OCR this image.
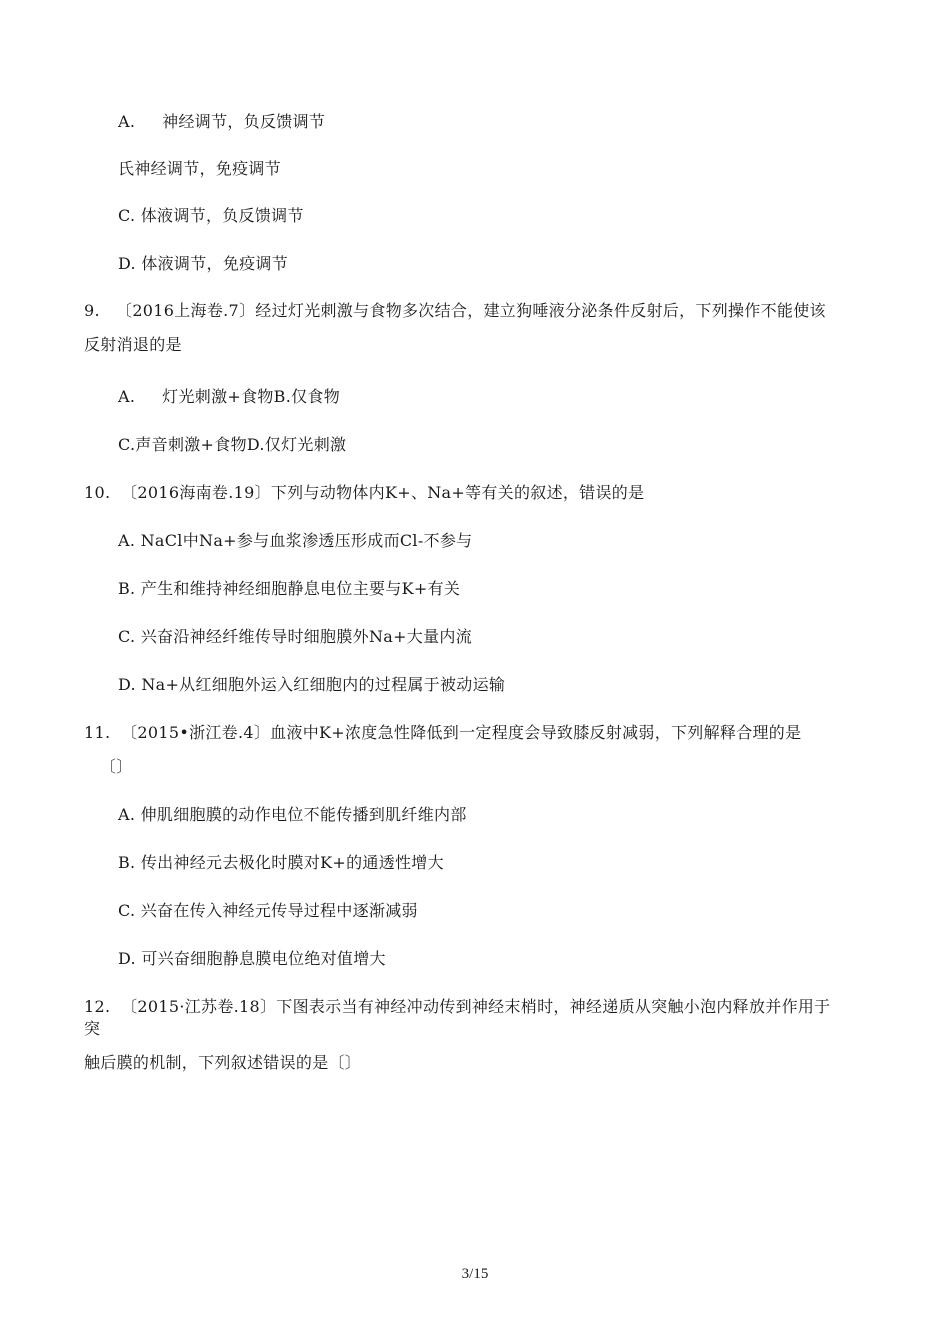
A.     神经调节，负反馈调节
氏神经调节，免疫调节
C. 体液调节，负反馈调节
D. 体液调节，免疫调节
9.   〔2016上海卷.7〕经过灯光刺激与食物多次结合，建立狗唾液分泌条件反射后，下列操作不能使该
反射消退的是
A.     灯光刺激+食物B.仅食物
C.声音刺激+食物D.仅灯光刺激
10.  〔2016海南卷.19〕下列与动物体内K+、Na+等有关的叙述，错误的是
A. NaCl中Na+参与血浆渗透压形成而Cl-不参与
B. 产生和维持神经细胞静息电位主要与K+有关
C. 兴奋沿神经纤维传导时细胞膜外Na+大量内流
D. Na+从红细胞外运入红细胞内的过程属于被动运输
11.  〔2015•浙江卷.4〕血液中K+浓度急性降低到一定程度会导致膝反射减弱，下列解释合理的是
〔〕
A. 伸肌细胞膜的动作电位不能传播到肌纤维内部
B. 传出神经元去极化时膜对K+的通透性增大
C. 兴奋在传入神经元传导过程中逐渐减弱
D. 可兴奋细胞静息膜电位绝对值增大
12.  〔2015·江苏卷.18〕下图表示当有神经冲动传到神经末梢时，神经递质从突触小泡内释放并作用于
突
触后膜的机制，下列叙述错误的是〔〕
3/15
